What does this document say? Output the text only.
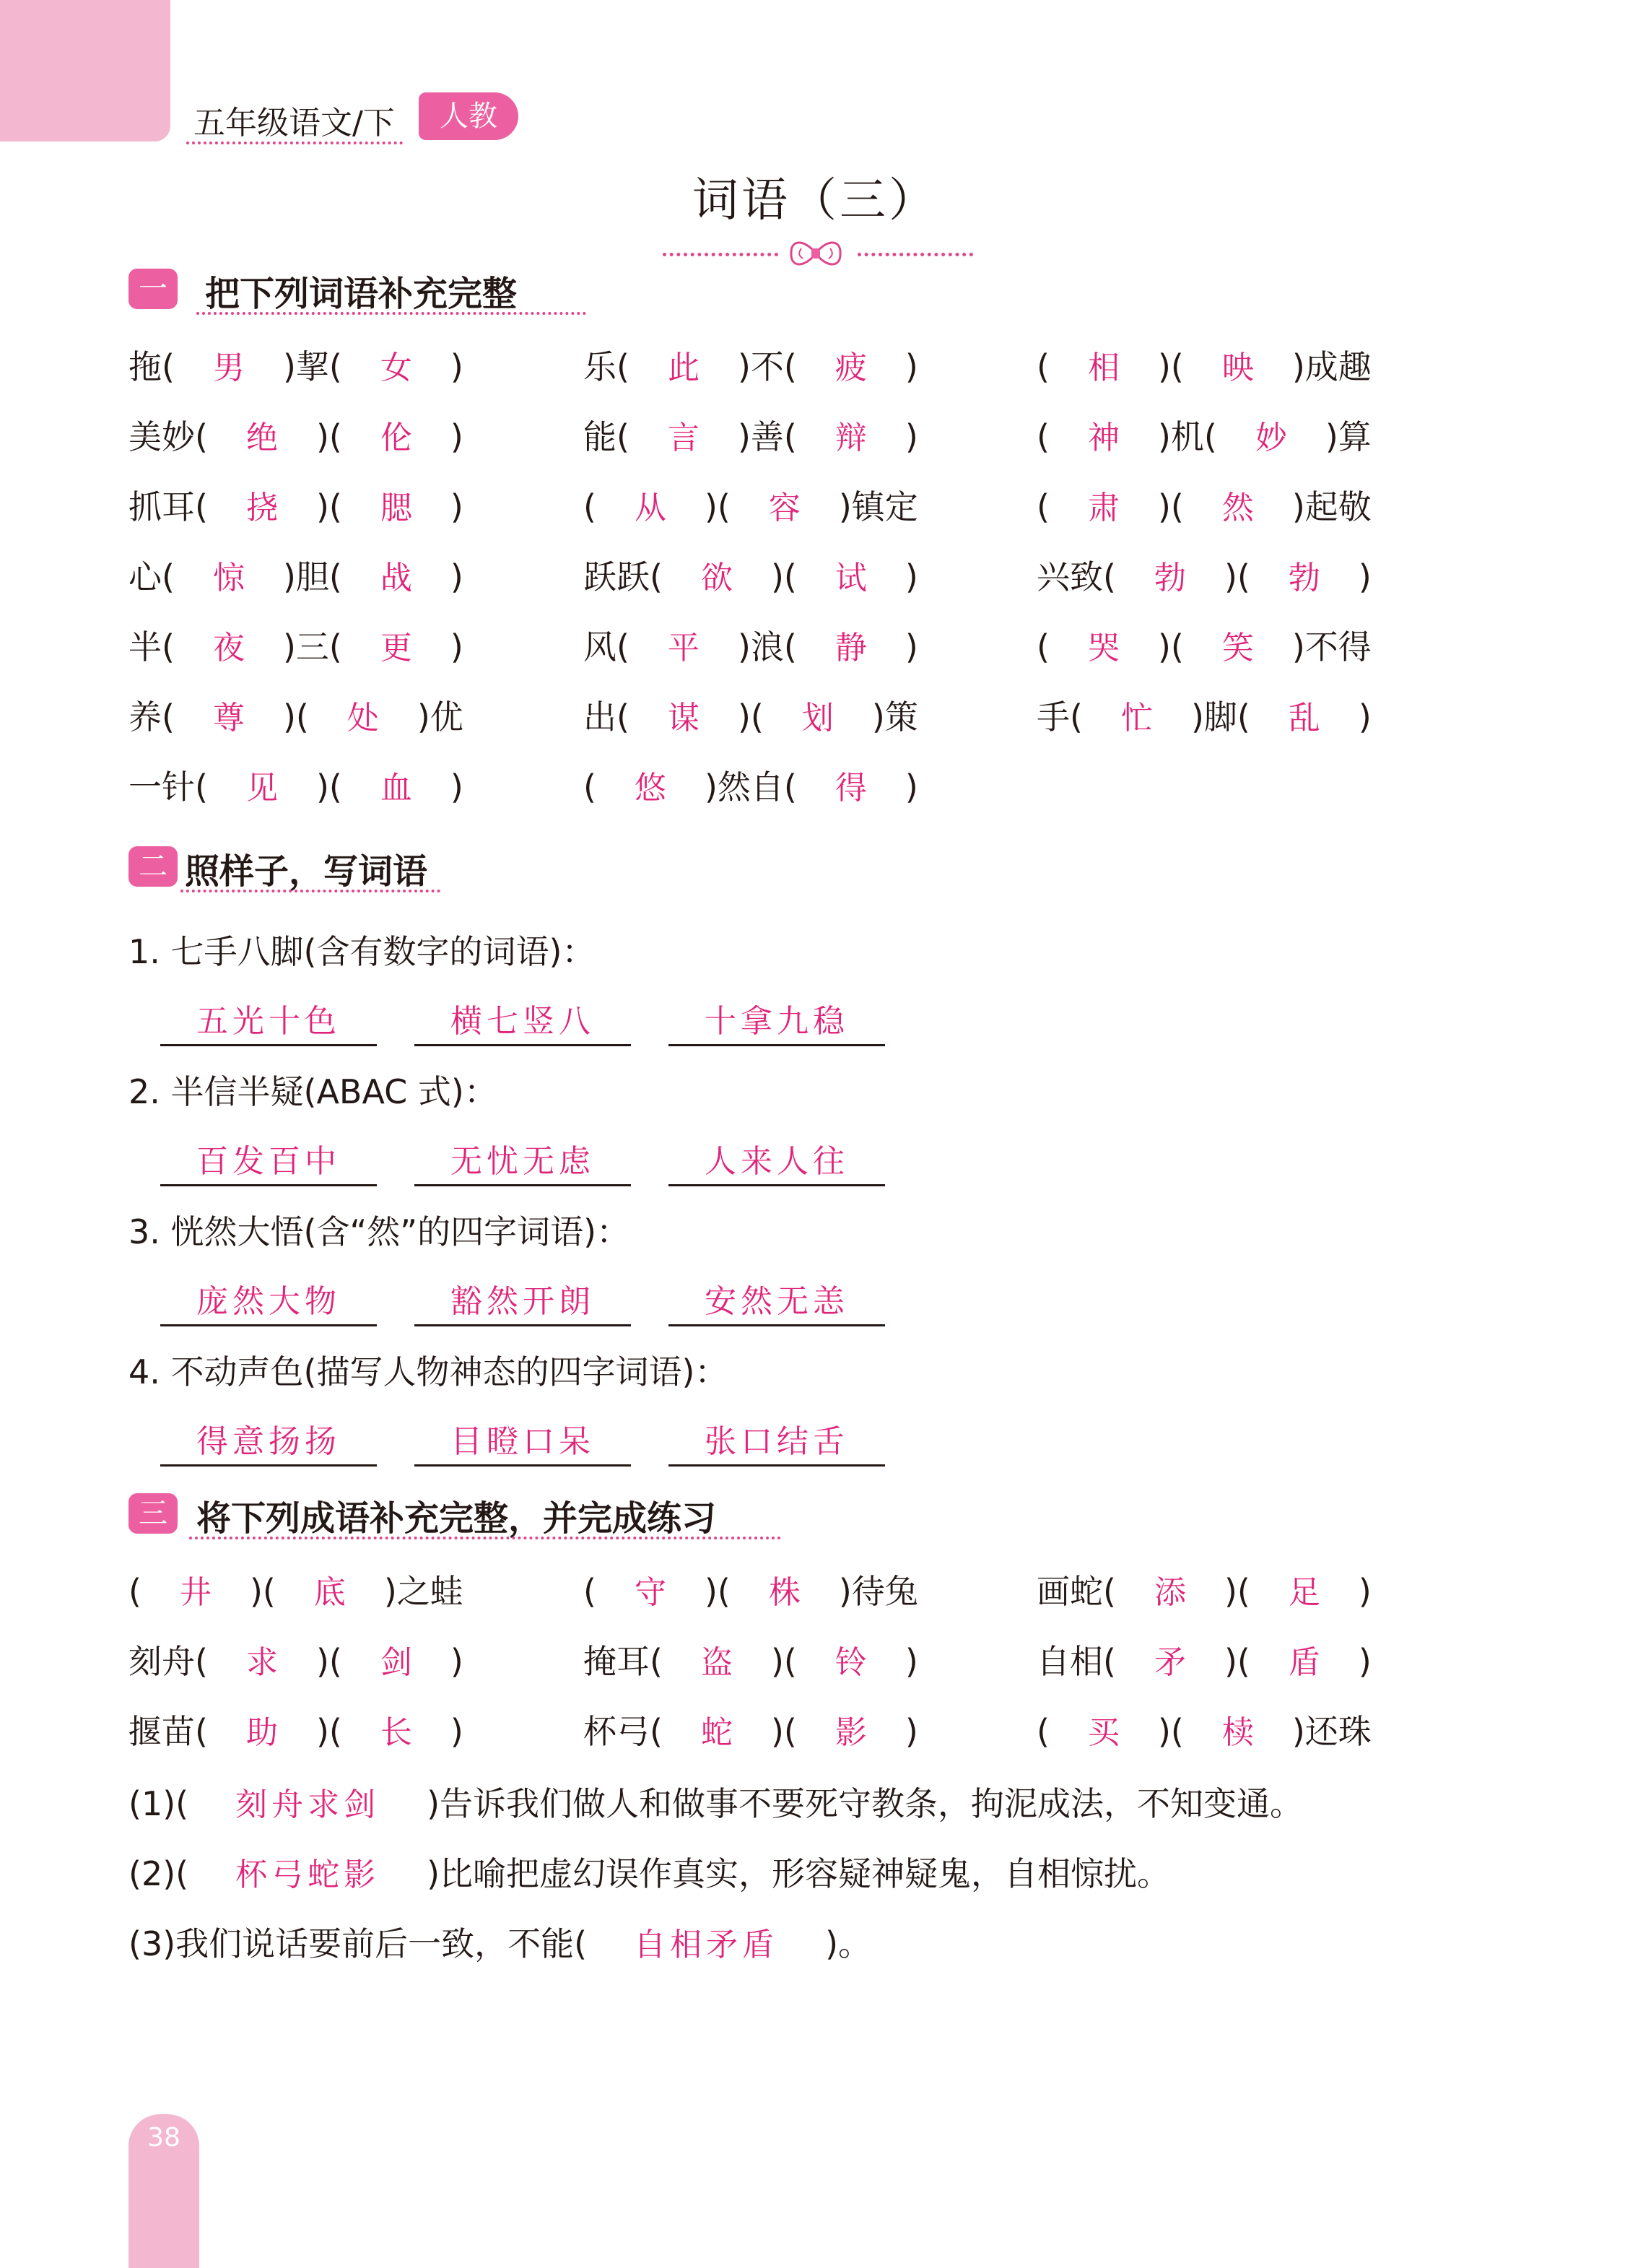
五年级语文/下	人教
词语（三）
一 把下列词语补充完整
拖( 男 )挈( 女 )	乐( 此 )不( 疲 )	( 相 )( 映 )成趣
美妙( 绝 )( 伦 )	能( 言 )善( 辩 )	( 神 )机( 妙 )算
抓耳( 挠 )( 腮 )	( 从 )( 容 )镇定	( 肃 )( 然 )起敬
心( 惊 )胆( 战 )	跃跃( 欲 )( 试 )	兴致( 勃 )( 勃 )
半( 夜 )三( 更 )	风( 平 )浪( 静 )	( 哭 )( 笑 )不得
养( 尊 )( 处 )优	出( 谋 )( 划 )策	手( 忙 )脚( 乱 )
一针( 见 )( 血 )	( 悠 )然自( 得 )
二 照样子，写词语
1. 七手八脚(含有数字的词语)：
五光十色	横七竖八	十拿九稳
2. 半信半疑(ABAC 式)：
百发百中	无忧无虑	人来人往
3. 恍然大悟(含“然”的四字词语)：
庞然大物	豁然开朗	安然无恙
4. 不动声色(描写人物神态的四字词语)：
得意扬扬	目瞪口呆	张口结舌
三 将下列成语补充完整，并完成练习
( 井 )( 底 )之蛙	( 守 )( 株 )待兔	画蛇( 添 )( 足 )
刻舟( 求 )( 剑 )	掩耳( 盗 )( 铃 )	自相( 矛 )( 盾 )
揠苗( 助 )( 长 )	杯弓( 蛇 )( 影 )	( 买 )( 椟 )还珠
(1)( 刻舟求剑 )告诉我们做人和做事不要死守教条，拘泥成法，不知变通。
(2)( 杯弓蛇影 )比喻把虚幻误作真实，形容疑神疑鬼，自相惊扰。
(3)我们说话要前后一致，不能( 自相矛盾 )。
38
